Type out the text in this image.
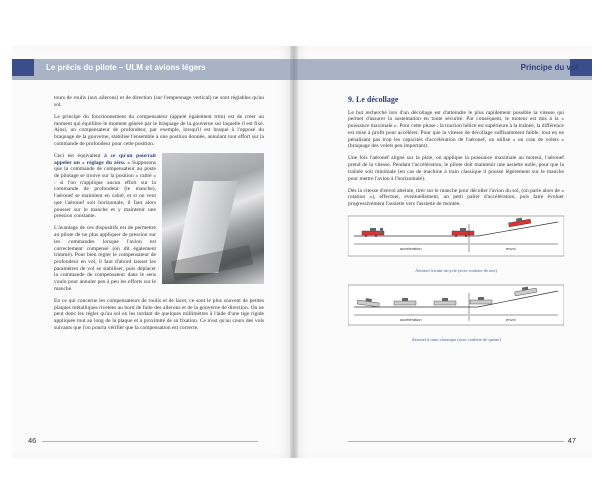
Le précis du pilote – ULM et avions légers

tours de roulis (aux ailerons) et de direction (sur l'empennage vertical) ne sont réglables qu'au sol.

Le principe du fonctionnement du compensateur (appelé également trim) est de créer un moment qui équilibre le moment généré par le braquage de la gouverne sur laquelle il est fixé. Ainsi, un compensateur de profondeur, par exemple, lorsqu'il est braqué à l'opposé du braquage de la gouverne, stabilise l'ensemble à une position donnée, annulant tout effort sur la commande de profondeur pour cette position.

Ceci est équivalent à ce qu'on pourrait appeler un « réglage du zéro. » Supposons que la commande de compensateur au poste de pilotage se trouve sur la position « cabré » : si l'on n'applique aucun effort sur la commande de profondeur (le manche), l'aéronef se maintient en cabré, et si on veut que l'aéronef soit horizontale, il faut alors pousser sur le manche et y maintenir une pression constante.

L'avantage de ces dispositifs est de permettre au pilote de ne plus appliquer de pression sur les commandes lorsque l'avion est correctement compensé (on dit également trimmé). Pour bien régler le compensateur de profondeur en vol, il faut d'abord laisser les paramètres de vol se stabiliser, puis déplacer la commande de compensateur dans le sens voulu pour annuler peu à peu les efforts sur le manche.

En ce qui concerne les compensateurs de roulis et de lacet, ce sont le plus souvent de petites plaques métalliques rivetées au bord de fuite des ailerons et de la gouverne de direction. On ne peut donc les régler qu'au sol en les tordant de quelques millimètres à l'aide d'une tige rigide appliquée tout au long de la plaque et à proximité de sa fixation. Ce n'est qu'au cours des vols suivants que l'on pourra vérifier que la compensation est correcte.

46
Principe du vol
9. Le décollage

Le but recherché lors d'un décollage est d'atteindre le plus rapidement possible la vitesse qui permet d'assurer la sustentation en toute sécurité. Par conséquent, le moteur est mis à la « puissance maximale ». Pour cette phase : la traction hélice est supérieure à la traînée, la différence est mise à profit pour accélérer. Pour que la vitesse de décollage suffisamment faible, tout en ne pénalisant pas trop les capacités d'accélération de l'aéronef, on utilise « un cran de volets » (braquage des volets peu important).

Une fois l'aéronef aligné sur la piste, on applique la puissance maximale au moteur, l'aéronef prend de la vitesse. Pendant l'accélération, le pilote doit maintenir une assiette nulle, pour que la traînée soit minimale (en cas de machine à train classique il pousse légèrement sur le manche pour mettre l'avion à l'horizontale).

Dès la vitesse d'envol atteinte, tirer sur le manche pour décoller l'avion du sol, (on parle alors de « rotation »), effectuer, éventuellement, un petit palier d'accélération, puis faire évoluer progressivement l'assiette vers l'assiette de montée.

accélération	envol
Aéronef à train tricycle (avec roulette de nez)
accélération	envol
Aéronef à train classique (avec roulette de queue)
47
